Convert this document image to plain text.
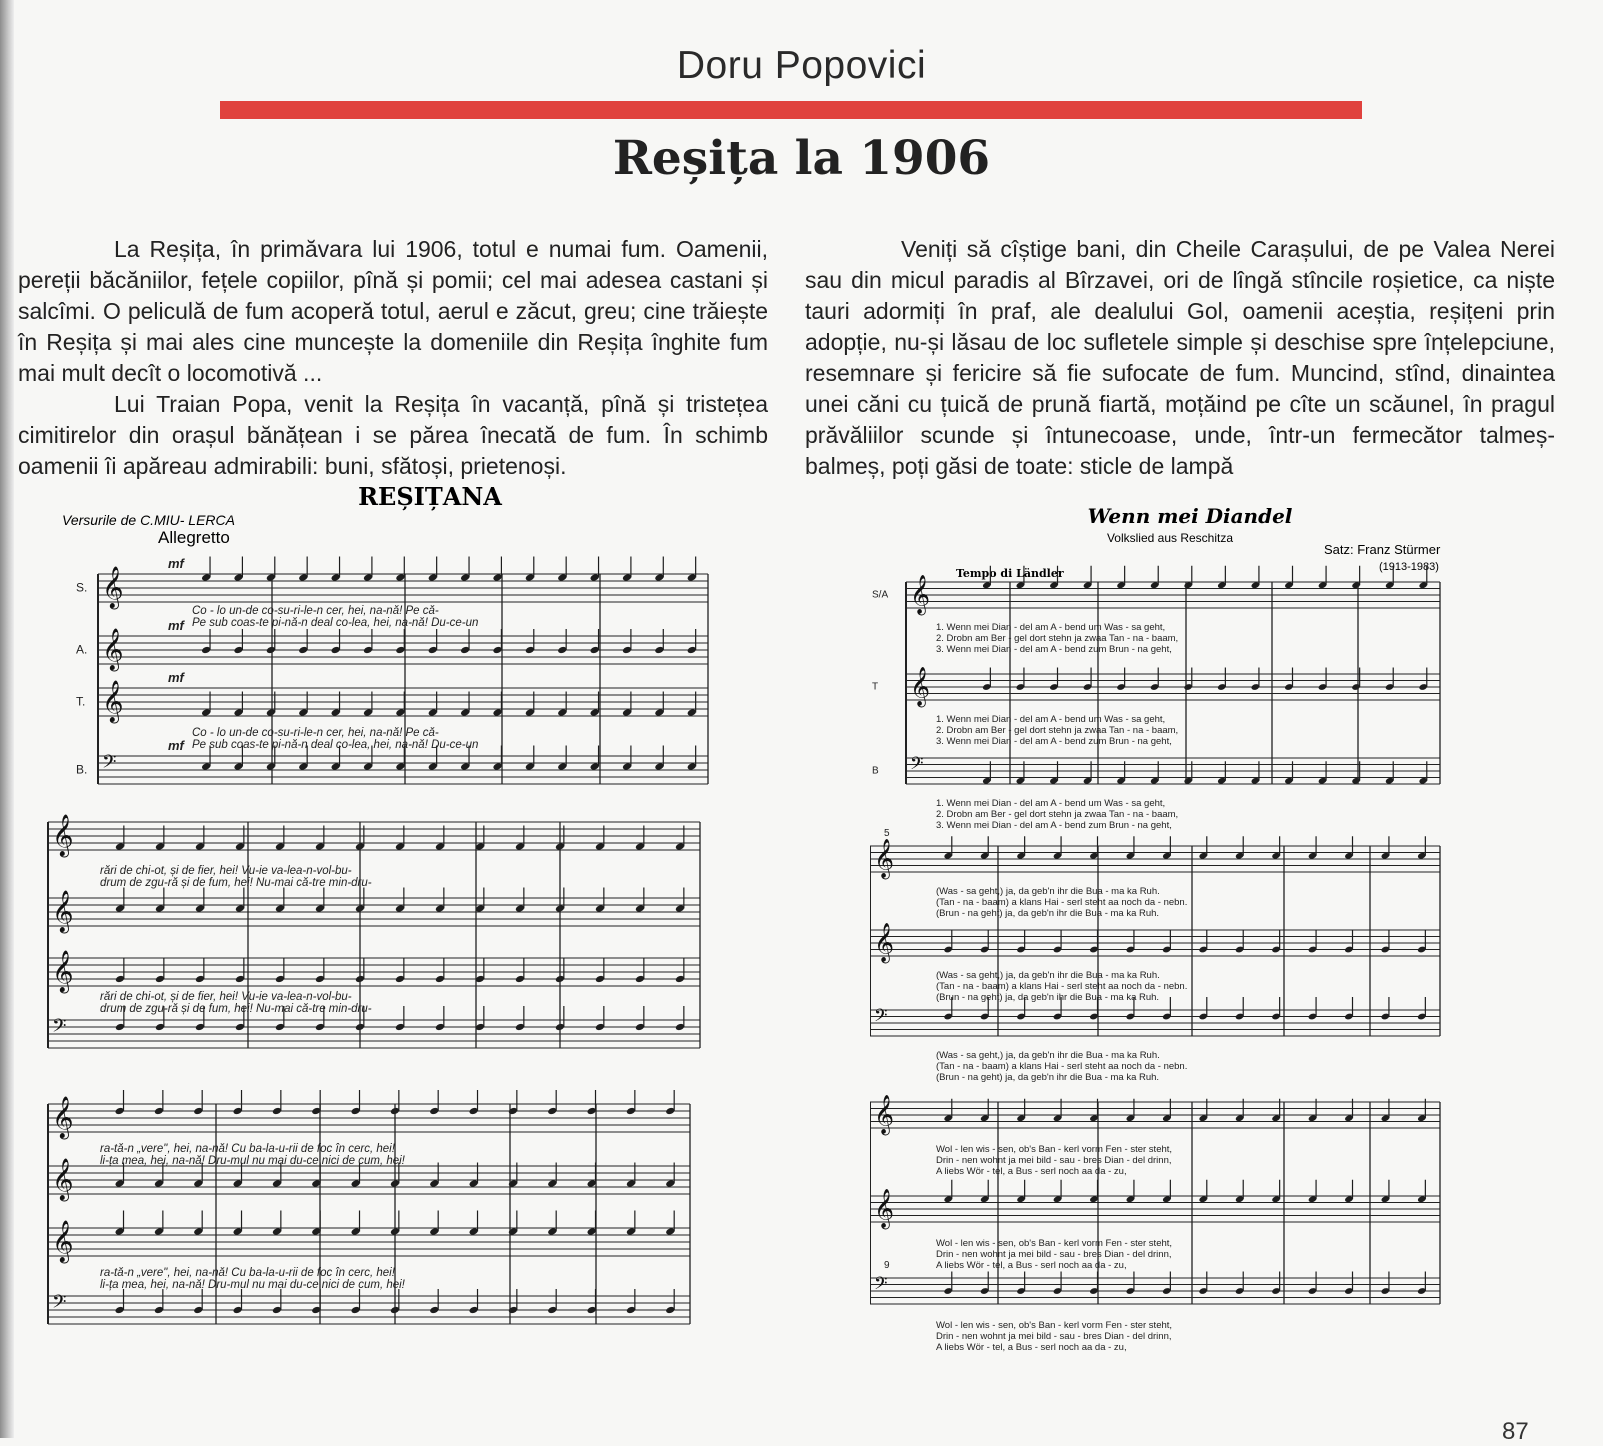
Doru Popovici
Reșița la 1906

La Reșița, în primăvara lui 1906, totul e numai fum. Oamenii, pereții băcăniilor, fețele copiilor, pînă și pomii; cel mai adesea castani și salcîmi. O peliculă de fum acoperă totul, aerul e zăcut, greu; cine trăiește în Reșița și mai ales cine muncește la domeniile din Reșița înghite fum mai mult decît o locomotivă ...

Lui Traian Popa, venit la Reșița în vacanță, pînă și tristețea cimitirelor din orașul bănățean i se părea înecată de fum. În schimb oamenii îi apăreau admirabili: buni, sfătoși, prietenoși.

Veniți să cîștige bani, din Cheile Carașului, de pe Valea Nerei sau din micul paradis al Bîrzavei, ori de lîngă stîncile roșietice, ca niște tauri adormiți în praf, ale dealului Gol, oamenii aceștia, reșițeni prin adopție, nu-și lăsau de loc sufletele simple și deschise spre înțelepciune, resemnare și fericire să fie sufocate de fum. Muncind, stînd, dinaintea unei căni cu țuică de prună fiartă, moțăind pe cîte un scăunel, în pragul prăvăliilor scunde și întunecoase, unde, într-un fermecător talmeș-balmeș, poți găsi de toate: sticle de lampă

REȘIȚANA
Versurile de C.MIU- LERCA
Allegretto
𝄞
S.
mf
𝄞
A.
mf
𝄞
T.
mf
𝄢
B.
mf
Co - lo un-de co-su-ri-le-n cer, hei, na-nă! Pe că-
Pe sub coas-te pi-nă-n deal co-lea, hei, na-nă! Du-ce-un
Co - lo un-de co-su-ri-le-n cer, hei, na-nă! Pe că-
Pe sub coas-te pi-nă-n deal co-lea, hei, na-nă! Du-ce-un
𝄞
𝄞
𝄞
𝄢
rări de chi-ot, și de fier, hei! Vu-ie va-lea-n-vol-bu-
drum de zgu-ră și de fum, hei! Nu-mai că-tre min-dru-
rări de chi-ot, și de fier, hei! Vu-ie va-lea-n-vol-bu-
drum de zgu-ră și de fum, hei! Nu-mai că-tre min-dru-
𝄞
𝄞
𝄞
𝄢
ra-tă-n „vere", hei, na-nă! Cu ba-la-u-rii de foc în cerc, hei!
li-ța mea, hei, na-nă! Dru-mul nu mai du-ce nici de cum, hei!
ra-tă-n „vere", hei, na-nă! Cu ba-la-u-rii de foc în cerc, hei!
li-ța mea, hei, na-nă! Dru-mul nu mai du-ce nici de cum, hei!
Wenn mei Diandel
Volkslied aus Reschitza
Satz: Franz Stürmer
(1913-1983)
Tempo di Ländler
𝄞
S/A
1. Wenn mei Dian - del am A - bend um Was - sa geht,
2. Drobn am Ber - gel dort stehn ja zwaa Tan - na - baam,
3. Wenn mei Dian - del am A - bend zum Brun - na geht,
𝄞
T
1. Wenn mei Dian - del am A - bend um Was - sa geht,
2. Drobn am Ber - gel dort stehn ja zwaa Tan - na - baam,
3. Wenn mei Dian - del am A - bend zum Brun - na geht,
𝄢
B
1. Wenn mei Dian - del am A - bend um Was - sa geht,
2. Drobn am Ber - gel dort stehn ja zwaa Tan - na - baam,
3. Wenn mei Dian - del am A - bend zum Brun - na geht,
5
𝄞
(Was - sa geht,) ja, da geb'n ihr die Bua - ma ka Ruh.
(Tan - na - baam) a klans Hai - serl steht aa noch da - nebn.
(Brun - na geht) ja, da geb'n ihr die Bua - ma ka Ruh.
𝄞
(Was - sa geht,) ja, da geb'n ihr die Bua - ma ka Ruh.
(Tan - na - baam) a klans Hai - serl steht aa noch da - nebn.
(Brun - na geht) ja, da geb'n ihr die Bua - ma ka Ruh.
𝄢
(Was - sa geht,) ja, da geb'n ihr die Bua - ma ka Ruh.
(Tan - na - baam) a klans Hai - serl steht aa noch da - nebn.
(Brun - na geht) ja, da geb'n ihr die Bua - ma ka Ruh.
9
𝄞
Wol - len wis - sen, ob's Ban - kerl vorm Fen - ster steht,
Drin - nen wohnt ja mei bild - sau - bres Dian - del drinn,
A liebs Wör - tel, a Bus - serl noch aa da - zu,
𝄞
Wol - len wis - sen, ob's Ban - kerl vorm Fen - ster steht,
Drin - nen wohnt ja mei bild - sau - bres Dian - del drinn,
A liebs Wör - tel, a Bus - serl noch aa da - zu,
𝄢
Wol - len wis - sen, ob's Ban - kerl vorm Fen - ster steht,
Drin - nen wohnt ja mei bild - sau - bres Dian - del drinn,
A liebs Wör - tel, a Bus - serl noch aa da - zu,
87
